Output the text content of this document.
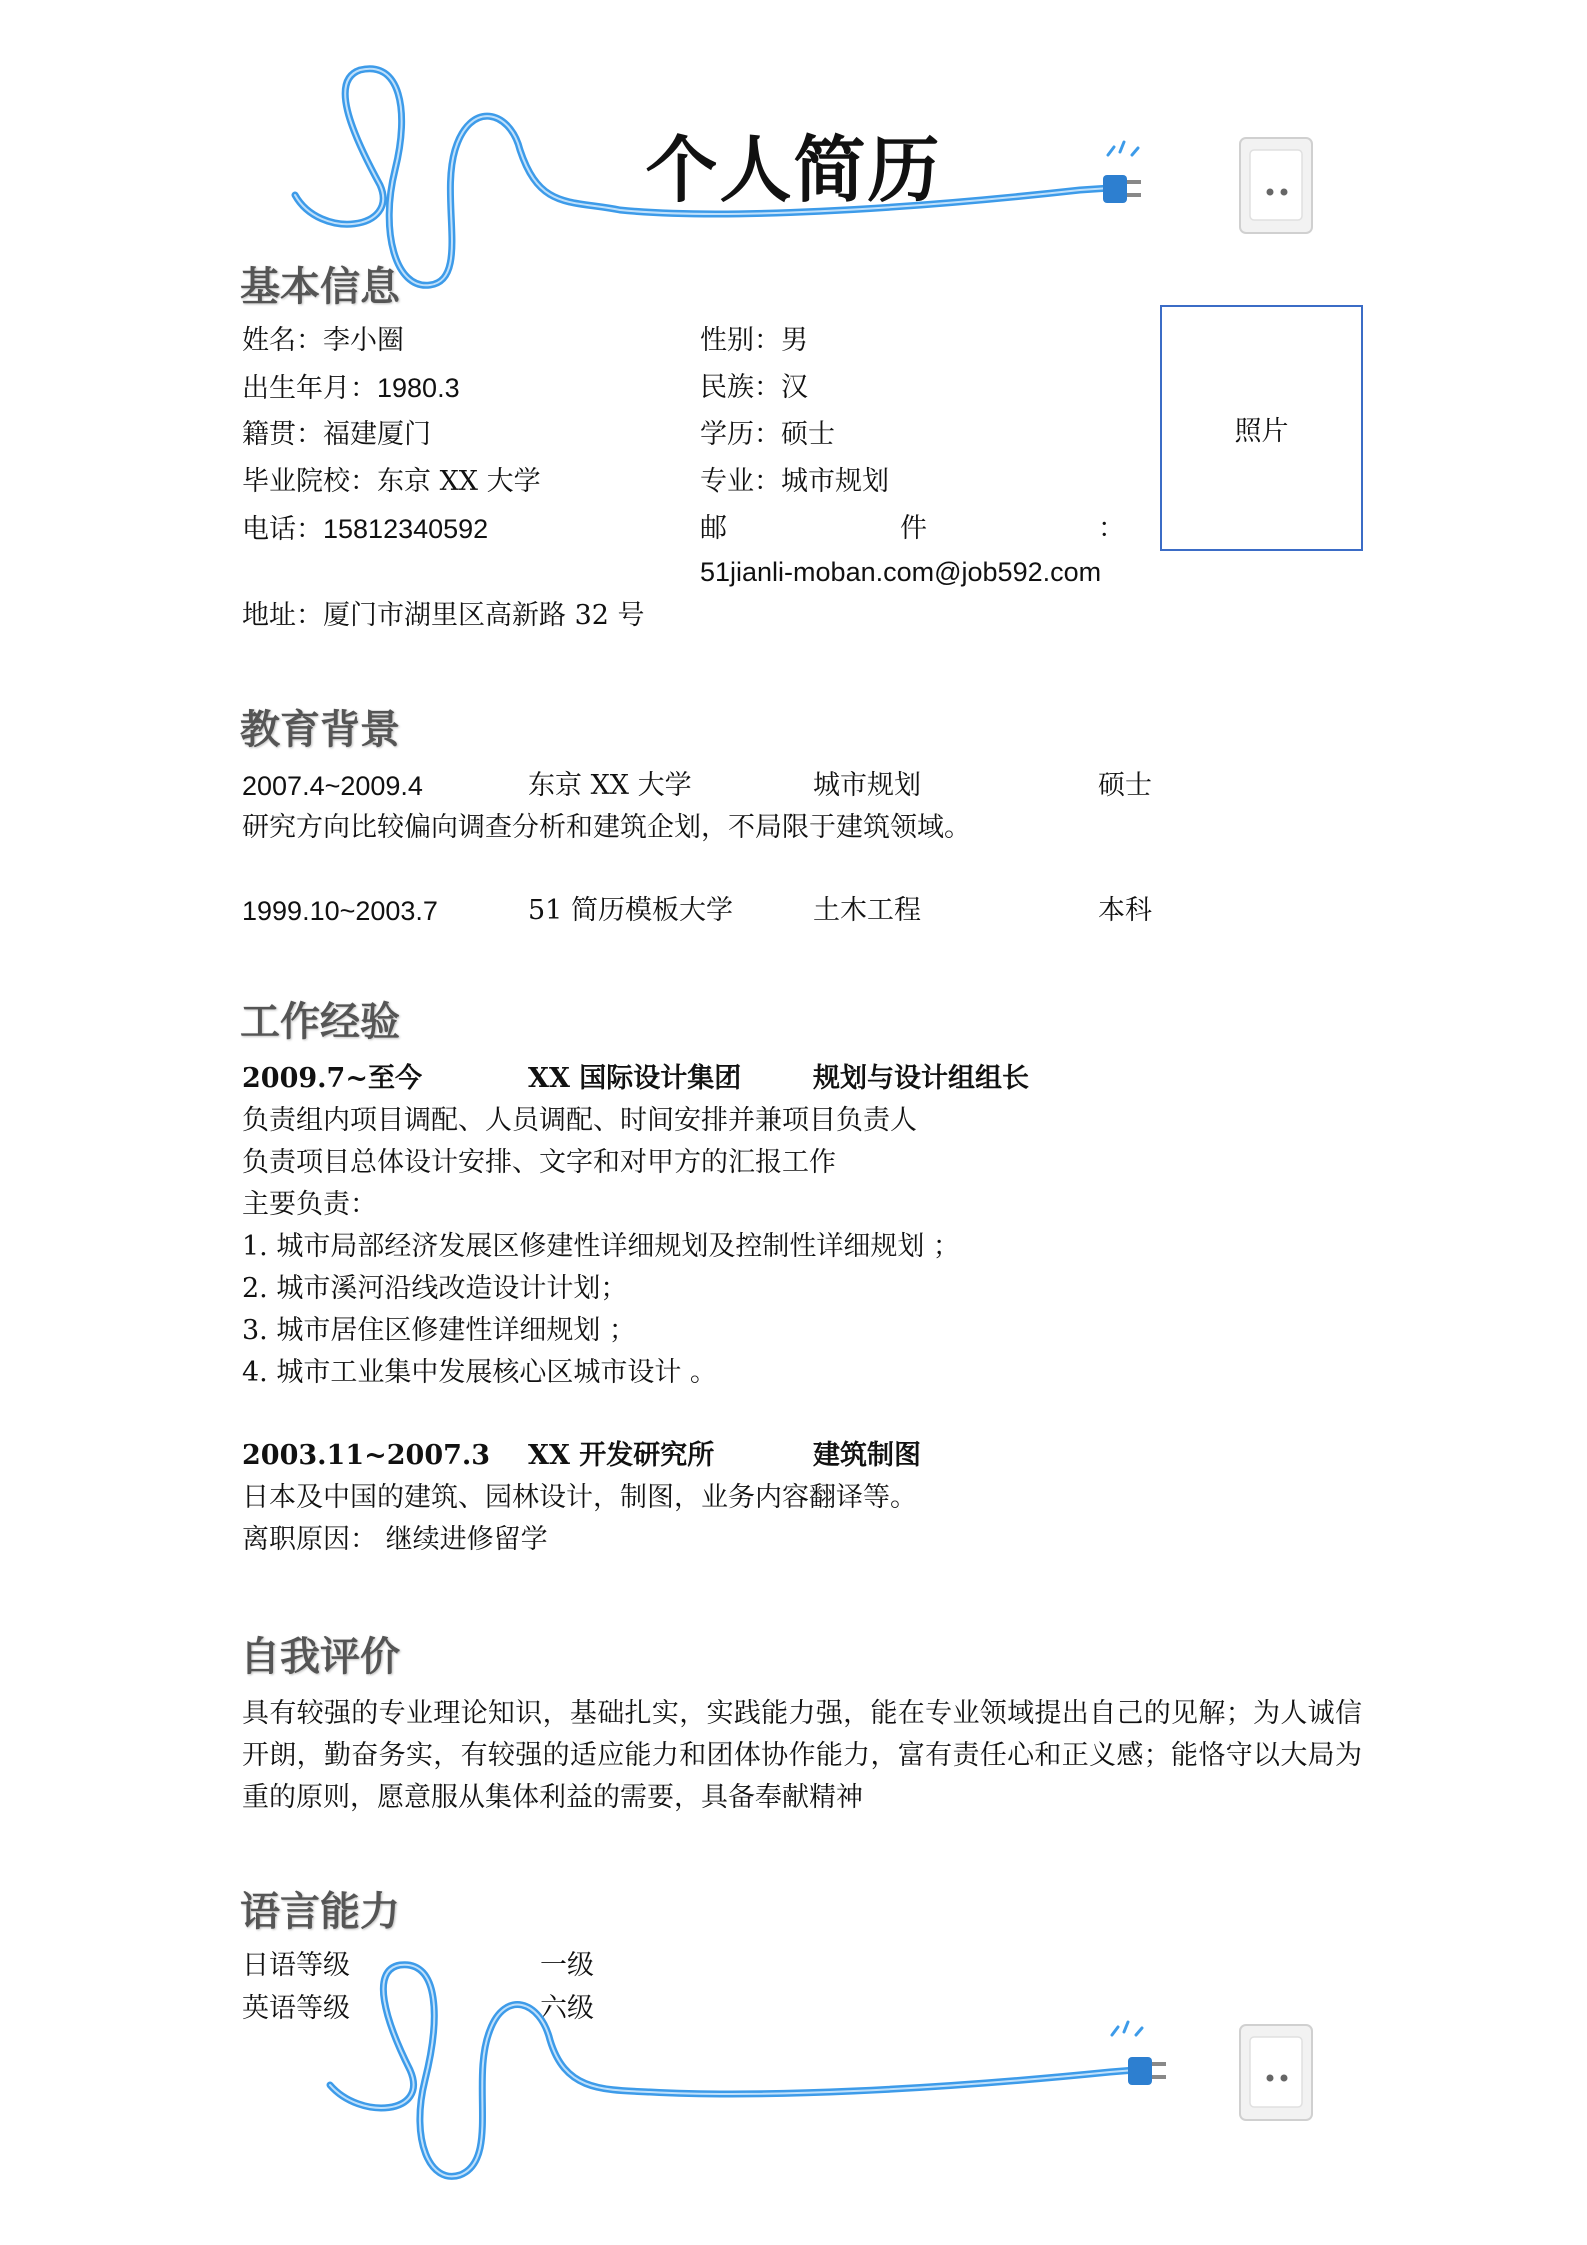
个人简历
基本信息
姓名：李小圈	性别：男
出生年月：1980.3	民族：汉
籍贯：福建厦门	学历：硕士
毕业院校：东京 XX 大学	专业：城市规划
电话：15812340592	邮	件	：
51jianli-moban.com@job592.com
地址：厦门市湖里区高新路 32 号
照片
教育背景
2007.4~2009.4	东京 XX 大学	城市规划	硕士
研究方向比较偏向调查分析和建筑企划，不局限于建筑领域。
1999.10~2003.7	51 简历模板大学	土木工程	本科
工作经验
2009.7~至今	XX 国际设计集团	规划与设计组组长
负责组内项目调配、人员调配、时间安排并兼项目负责人
负责项目总体设计安排、文字和对甲方的汇报工作
主要负责：
1. 城市局部经济发展区修建性详细规划及控制性详细规划 ；
2. 城市溪河沿线改造设计计划；
3. 城市居住区修建性详细规划 ；
4. 城市工业集中发展核心区城市设计 。
2003.11~2007.3 XX 开发研究所	建筑制图
日本及中国的建筑、园林设计，制图，业务内容翻译等。
离职原因： 继续进修留学
自我评价
具有较强的专业理论知识，基础扎实，实践能力强，能在专业领域提出自己的见解；为人诚信开朗，勤奋务实，有较强的适应能力和团体协作能力，富有责任心和正义感；能恪守以大局为重的原则，愿意服从集体利益的需要，具备奉献精神
语言能力
日语等级	一级
英语等级	六级
